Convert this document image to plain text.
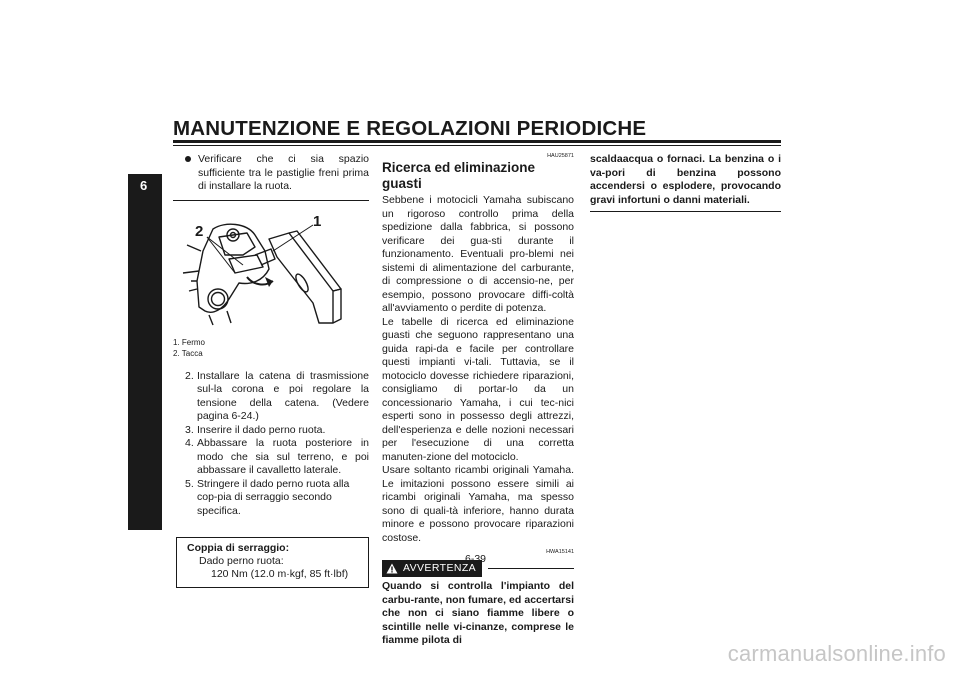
MANUTENZIONE E REGOLAZIONI PERIODICHE
6
Verificare che ci sia spazio sufficiente tra le pastiglie freni prima di installare la ruota.
1
2
1. Fermo
2. Tacca
2. Installare la catena di trasmissione sul-la corona e poi regolare la tensione della catena. (Vedere pagina 6-24.)
3. Inserire il dado perno ruota.
4. Abbassare la ruota posteriore in modo che sia sul terreno, e poi abbassare il cavalletto laterale.
5. Stringere il dado perno ruota alla cop-pia di serraggio secondo specifica.
Coppia di serraggio:
Dado perno ruota:
120 Nm (12.0 m·kgf, 85 ft·lbf)
HAU25871
Ricerca ed eliminazione guasti

Sebbene i motocicli Yamaha subiscano un rigoroso controllo prima della spedizione dalla fabbrica, si possono verificare dei gua-sti durante il funzionamento. Eventuali pro-blemi nei sistemi di alimentazione del carburante, di compressione o di accensio-ne, per esempio, possono provocare diffi-coltà all'avviamento o perdite di potenza.

Le tabelle di ricerca ed eliminazione guasti che seguono rappresentano una guida rapi-da e facile per controllare questi impianti vi-tali. Tuttavia, se il motociclo dovesse richiedere riparazioni, consigliamo di portar-lo da un concessionario Yamaha, i cui tec-nici esperti sono in possesso degli attrezzi, dell'esperienza e delle nozioni necessari per l'esecuzione di una corretta manuten-zione del motociclo.

Usare soltanto ricambi originali Yamaha. Le imitazioni possono essere simili ai ricambi originali Yamaha, ma spesso sono di quali-tà inferiore, hanno durata minore e possono provocare riparazioni costose.

HWA15141
AVVERTENZA
Quando si controlla l'impianto del carbu-rante, non fumare, ed accertarsi che non ci siano fiamme libere o scintille nelle vi-cinanze, comprese le fiamme pilota di
scaldaacqua o fornaci. La benzina o i va-pori di benzina possono accendersi o esplodere, provocando gravi infortuni o danni materiali.
6-39
carmanualsonline.info
